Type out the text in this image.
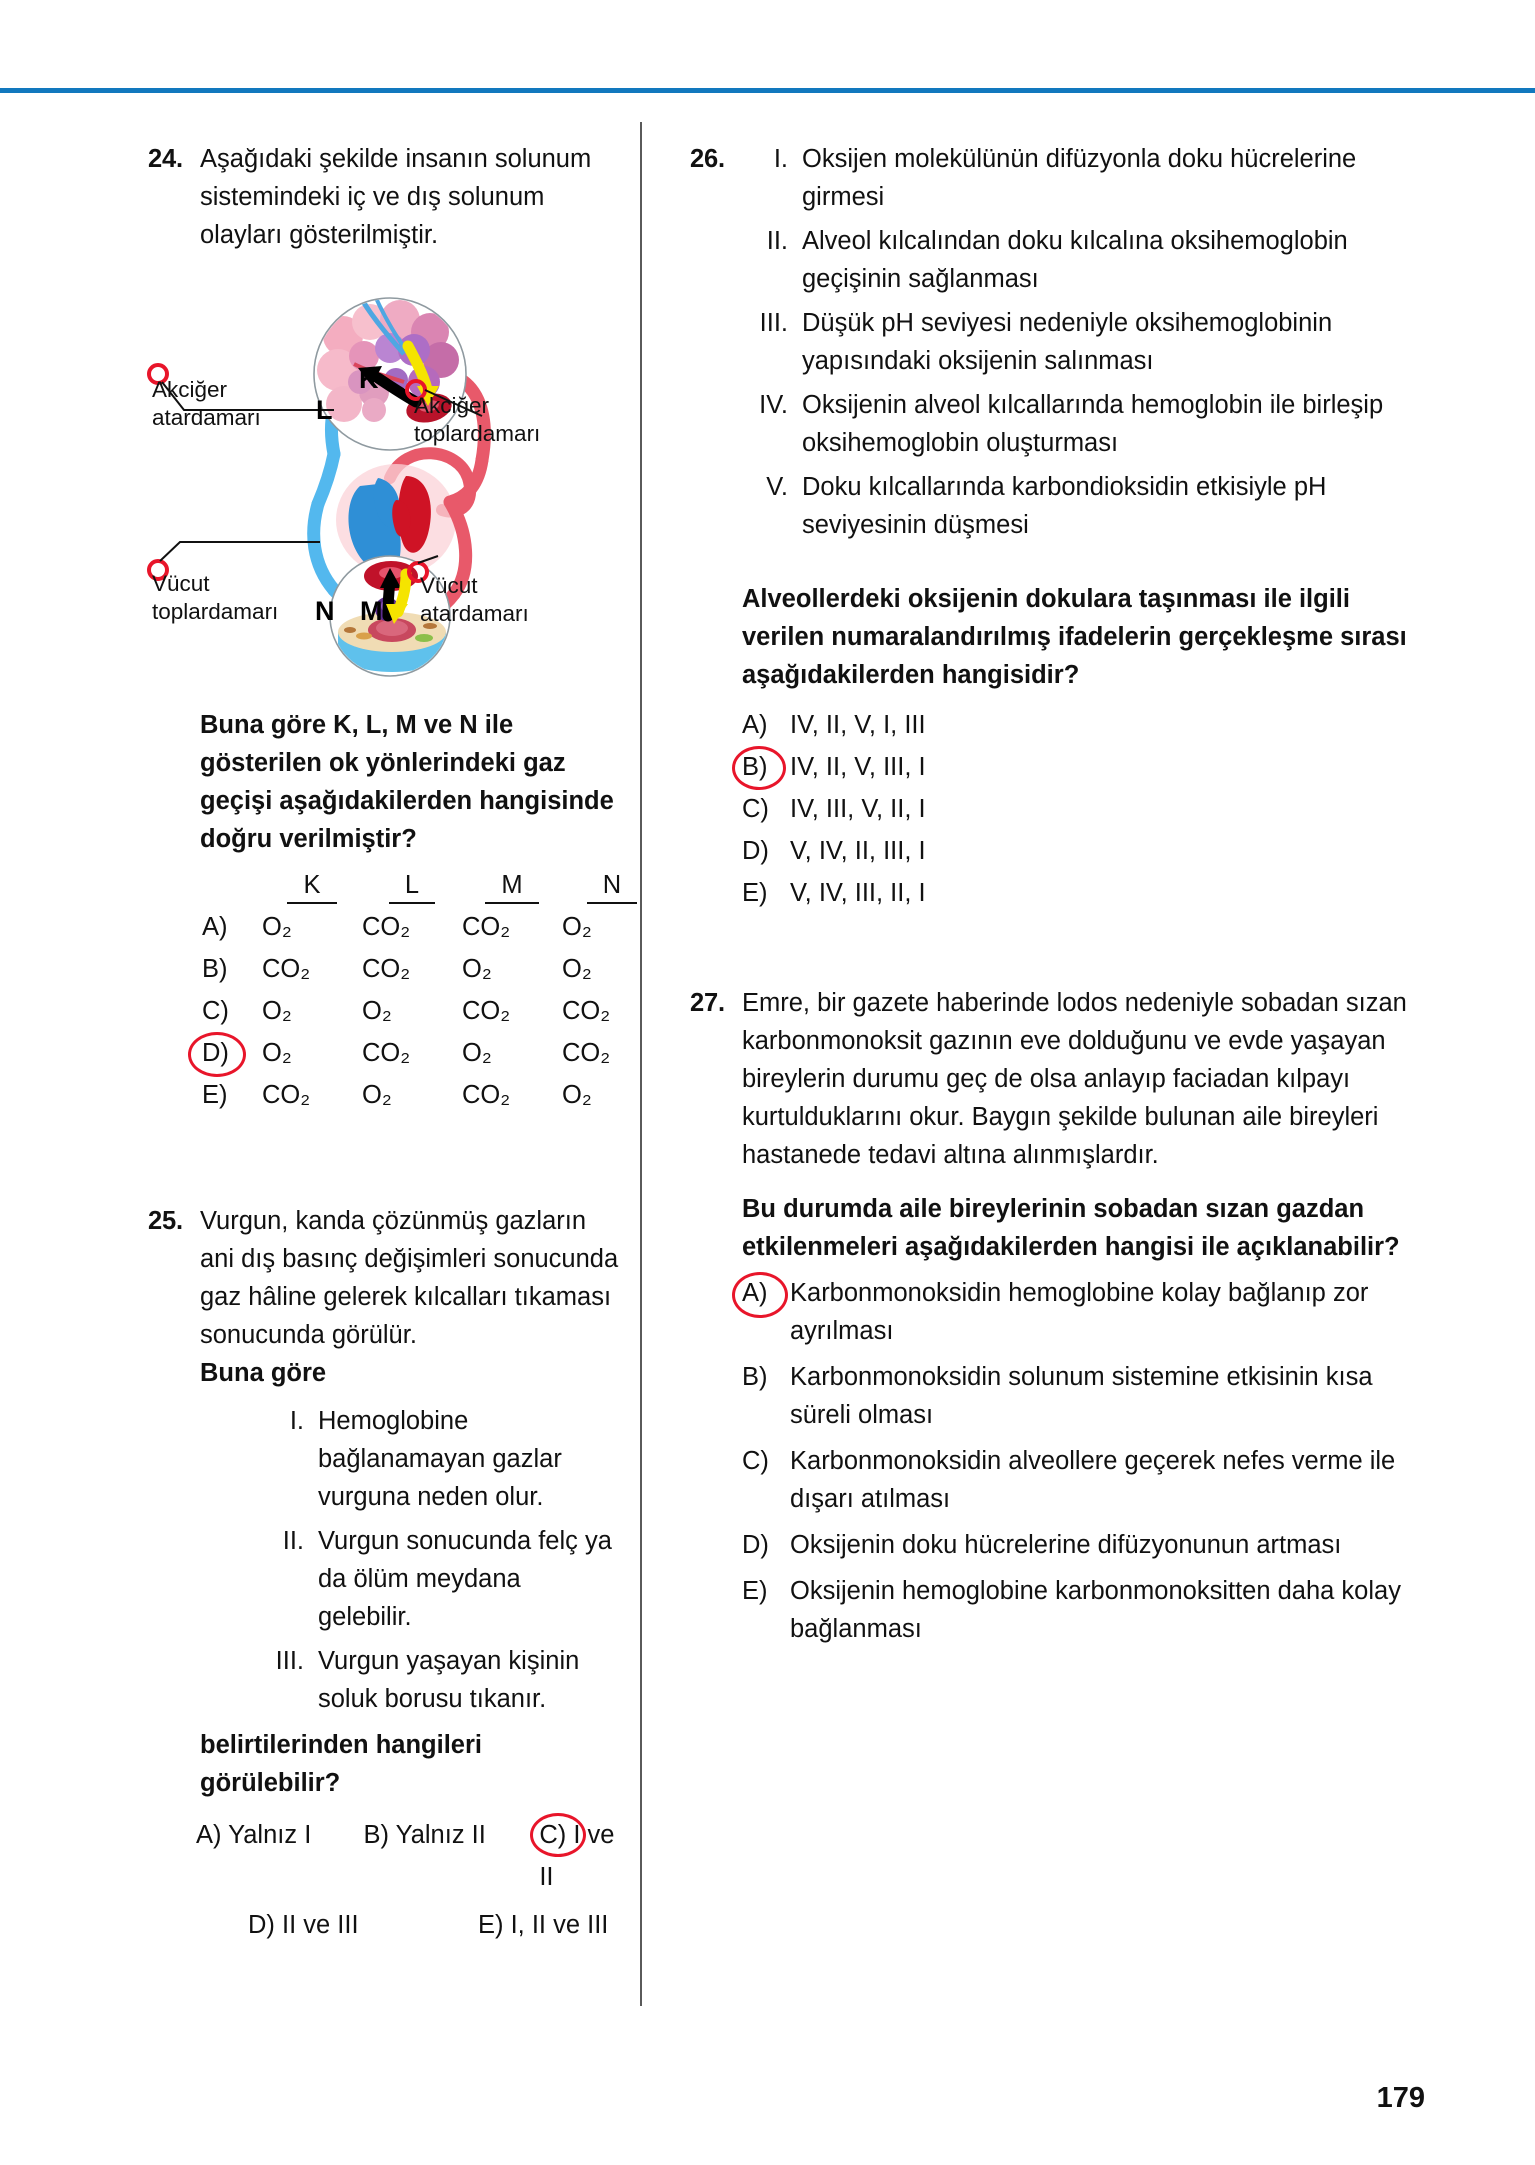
24. Aşağıdaki şekilde insanın solunum sistemindeki iç ve dış solunum olayları gösterilmiştir.

Akciğer
atardamarı	Akciğer
toplardamarı
Vücut
toplardamarı
Vücut
atardamarı
K
L
N M

Buna göre K, L, M ve N ile gösterilen ok yönlerindeki gaz geçişi aşağıdakilerden hangisinde doğru verilmiştir?

K	L	M	N
A)	O₂	CO₂	CO₂	O₂
B)	CO₂	CO₂	O₂	O₂
C)	O₂	O₂	CO₂	CO₂
D)	O₂	CO₂	O₂	CO₂
E)	CO₂	O₂	CO₂	O₂
25. Vurgun, kanda çözünmüş gazların ani dış basınç değişimleri sonucunda gaz hâline gelerek kılcalları tıkaması sonucunda görülür.

Buna göre

I. Hemoglobine bağlanamayan gazlar vurguna neden olur.
II. Vurgun sonucunda felç ya da ölüm meydana gelebilir.
III. Vurgun yaşayan kişinin soluk borusu tıkanır.

belirtilerinden hangileri görülebilir?

A) Yalnız I	B) Yalnız II	C) I ve II
D) II ve III	E) I, II ve III
26.	I. Oksijen molekülünün difüzyonla doku hücrelerine girmesi
II. Alveol kılcalından doku kılcalına oksihemoglobin geçişinin sağlanması
III. Düşük pH seviyesi nedeniyle oksihemoglobinin yapısındaki oksijenin salınması
IV. Oksijenin alveol kılcallarında hemoglobin ile birleşip oksihemoglobin oluşturması
V. Doku kılcallarında karbondioksidin etkisiyle pH seviyesinin düşmesi

Alveollerdeki oksijenin dokulara taşınması ile ilgili verilen numaralandırılmış ifadelerin gerçekleşme sırası aşağıdakilerden hangisidir?

A) IV, II, V, I, III
B) IV, II, V, III, I
C) IV, III, V, II, I
D) V, IV, II, III, I
E) V, IV, III, II, I
27. Emre, bir gazete haberinde lodos nedeniyle sobadan sızan karbonmonoksit gazının eve dolduğunu ve evde yaşayan bireylerin durumu geç de olsa anlayıp faciadan kılpayı kurtulduklarını okur. Baygın şekilde bulunan aile bireyleri hastanede tedavi altına alınmışlardır.

Bu durumda aile bireylerinin sobadan sızan gazdan etkilenmeleri aşağıdakilerden hangisi ile açıklanabilir?

A) Karbonmonoksidin hemoglobine kolay bağlanıp zor ayrılması
B) Karbonmonoksidin solunum sistemine etkisinin kısa süreli olması
C) Karbonmonoksidin alveollere geçerek nefes verme ile dışarı atılması
D) Oksijenin doku hücrelerine difüzyonunun artması
E) Oksijenin hemoglobine karbonmonoksitten daha kolay bağlanması
179
